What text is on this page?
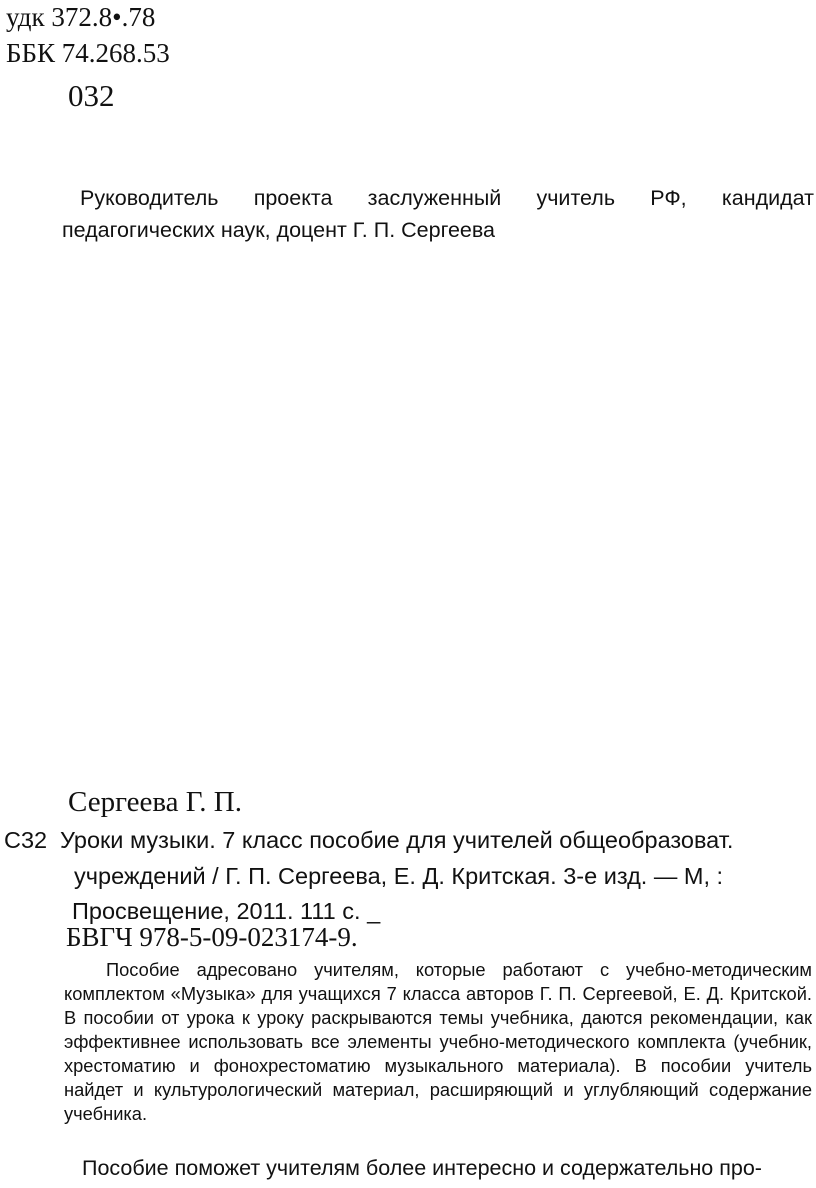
удк 372.8•.78
ББК 74.268.53
032

Руководитель проекта заслуженный учитель РФ, кандидат

педагогических наук, доцент Г. П. Сергеева

Сергеева Г. П.
С32 Уроки музыки. 7 класс пособие для учителей общеобразоват.
учреждений / Г. П. Сергеева, Е. Д. Критская. 3-е изд. — М, :
Просвещение, 2011. 111 с. _
БВГЧ 978-5-09-023174-9.

Пособие адресовано учителям, которые работают с учебно-методическим комплектом «Музыка» для учащихся 7 класса авторов Г. П. Сергеевой, Е. Д. Критской. В пособии от урока к уроку раскрываются темы учебника, даются рекомендации, как эффективнее использовать все элементы учебно-методического комплекта (учебник, хрестоматию и фонохрестоматию музыкального материала). В пособии учитель найдет и культурологический материал, расширяющий и углубляющий содержание учебника.

Пособие поможет учителям более интересно и содержательно про-
